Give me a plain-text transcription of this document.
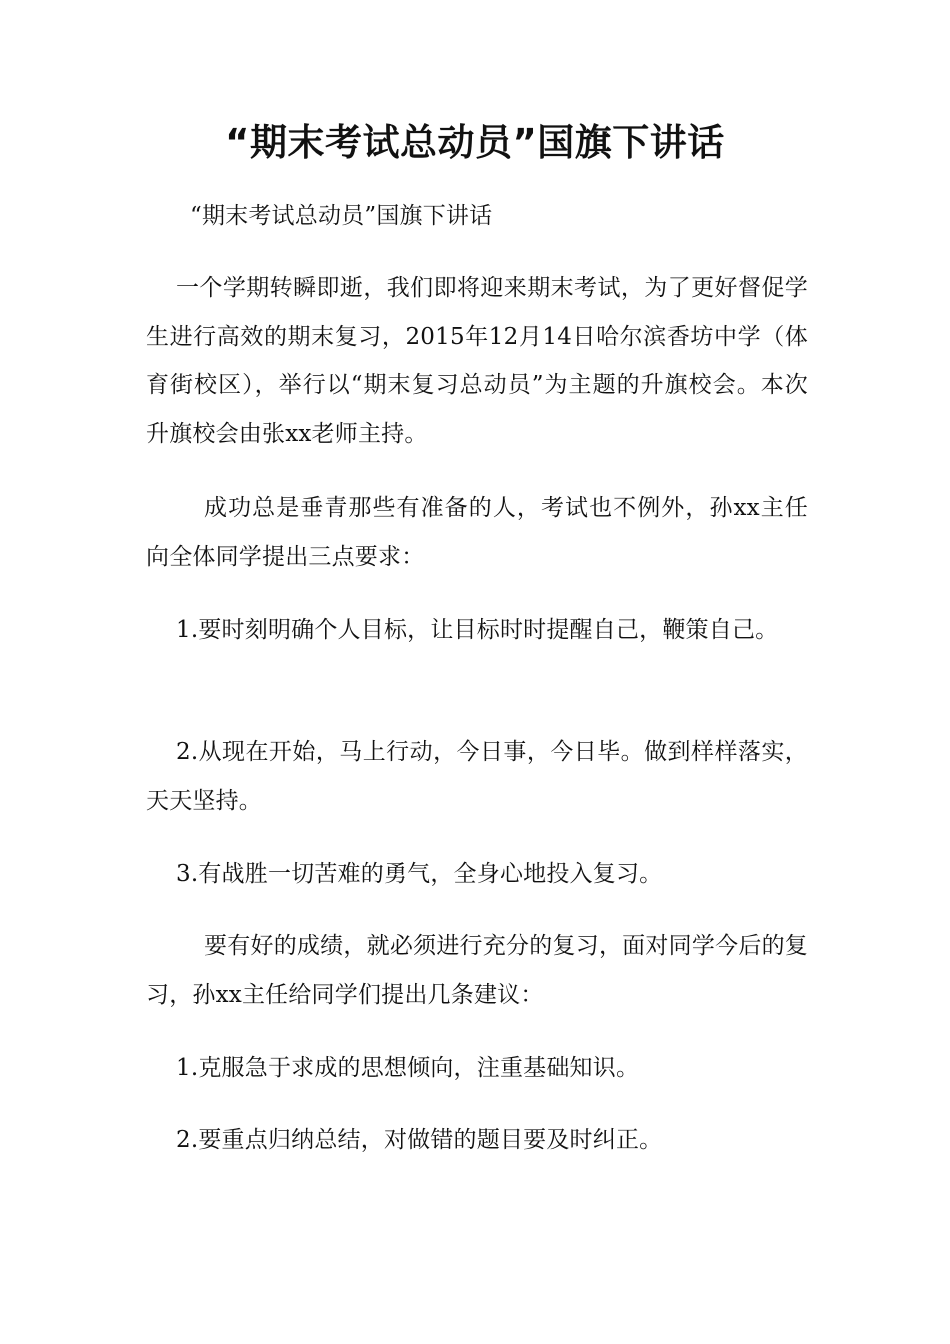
“期末考试总动员”国旗下讲话

“期末考试总动员”国旗下讲话

一个学期转瞬即逝，我们即将迎来期末考试，为了更好督促学生进行高效的期末复习，2015年12月14日哈尔滨香坊中学（体育街校区），举行以“期末复习总动员”为主题的升旗校会。本次升旗校会由张xx老师主持。

成功总是垂青那些有准备的人，考试也不例外，孙xx主任向全体同学提出三点要求：

1.要时刻明确个人目标，让目标时时提醒自己，鞭策自己。

2.从现在开始，马上行动，今日事，今日毕。做到样样落实，天天坚持。

3.有战胜一切苦难的勇气，全身心地投入复习。

要有好的成绩，就必须进行充分的复习，面对同学今后的复习，孙xx主任给同学们提出几条建议：

1.克服急于求成的思想倾向，注重基础知识。

2.要重点归纳总结，对做错的题目要及时纠正。
